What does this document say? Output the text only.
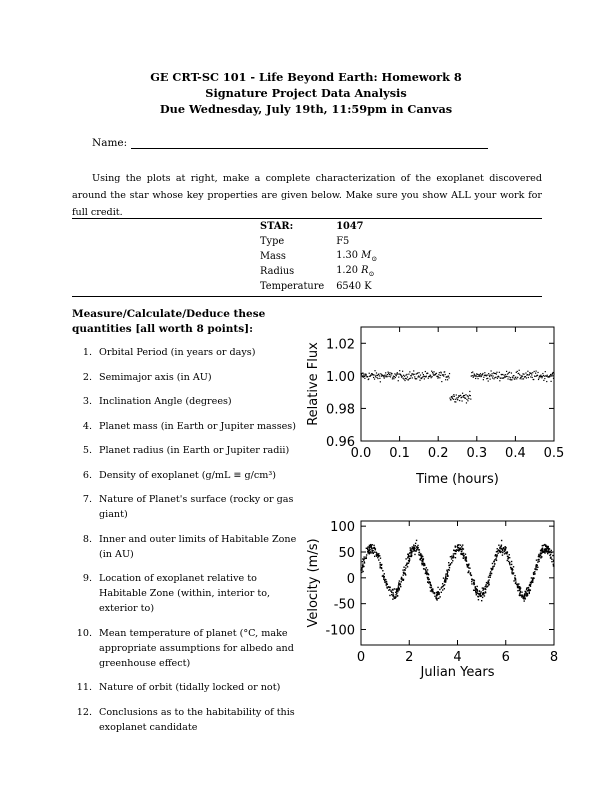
GE CRT-SC 101 - Life Beyond Earth: Homework 8
Signature Project Data Analysis
Due Wednesday, July 19th, 11:59pm in Canvas
Name:
Using the plots at right, make a complete characterization of the exoplanet discovered around the star whose key properties are given below. Make sure you show ALL your work for full credit.
STAR:	1047
Type	F5
Mass	1.30 $M_⊙$
Radius	1.20 $R_⊙$
Temperature	6540 K
Measure/Calculate/Deduce these quantities [all worth 8 points]:
1. Orbital Period (in years or days)
2. Semimajor axis (in AU)
3. Inclination Angle (degrees)
4. Planet mass (in Earth or Jupiter masses)
5. Planet radius (in Earth or Jupiter radii)
6. Density of exoplanet (g/mL ≡ g/cm³)
7. Nature of Planet's surface (rocky or gas giant)
8. Inner and outer limits of Habitable Zone (in AU)
9. Location of exoplanet relative to Habitable Zone (within, interior to, exterior to)
10. Mean temperature of planet (°C, make appropriate assumptions for albedo and greenhouse effect)
11. Nature of orbit (tidally locked or not)
12. Conclusions as to the habitability of this exoplanet candidate
0.0 0.1 0.2 0.3 0.4 0.5
0.96
0.98
1.00
1.02
Time (hours)
Relative Flux
0	2	4	6	8
-100
-50
0
50
100
Julian Years
Velocity (m/s)
